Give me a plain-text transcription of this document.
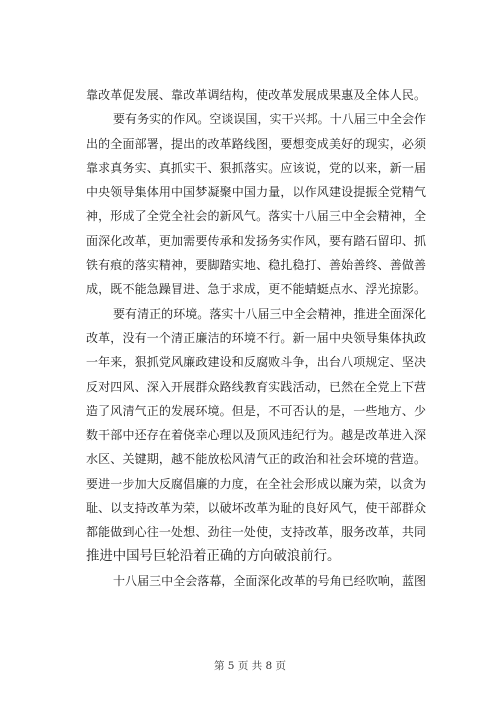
靠改革促发展、靠改革调结构，使改革发展成果惠及全体人民。
要有务实的作风。空谈误国，实干兴邦。十八届三中全会作
出的全面部署，提出的改革路线图，要想变成美好的现实，必须
靠求真务实、真抓实干、狠抓落实。应该说，党的以来，新一届
中央领导集体用中国梦凝聚中国力量，以作风建设提振全党精气
神，形成了全党全社会的新风气。落实十八届三中全会精神，全
面深化改革，更加需要传承和发扬务实作风，要有踏石留印、抓
铁有痕的落实精神，要脚踏实地、稳扎稳打、善始善终、善做善
成，既不能急躁冒进、急于求成，更不能蜻蜓点水、浮光掠影。
要有清正的环境。落实十八届三中全会精神，推进全面深化
改革，没有一个清正廉洁的环境不行。新一届中央领导集体执政
一年来，狠抓党风廉政建设和反腐败斗争，出台八项规定、坚决
反对四风、深入开展群众路线教育实践活动，已然在全党上下营
造了风清气正的发展环境。但是，不可否认的是，一些地方、少
数干部中还存在着侥幸心理以及顶风违纪行为。越是改革进入深
水区、关键期，越不能放松风清气正的政治和社会环境的营造。
要进一步加大反腐倡廉的力度，在全社会形成以廉为荣，以贪为
耻、以支持改革为荣，以破坏改革为耻的良好风气，使干部群众
都能做到心往一处想、劲往一处使，支持改革，服务改革，共同
推进中国号巨轮沿着正确的方向破浪前行。
十八届三中全会落幕，全面深化改革的号角已经吹响，蓝图
第 5 页 共 8 页
